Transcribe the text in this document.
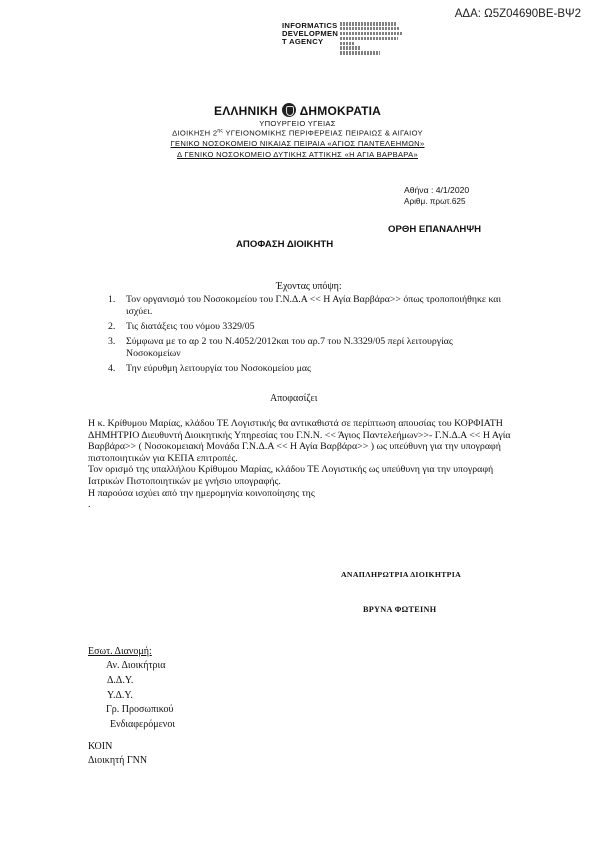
ΑΔΑ: Ω5Ζ04690ΒΕ-ΒΨ2
INFORMATICS
DEVELOPMEN
T AGENCY
ΕΛΛΗΝΙΚΗ ΔΗΜΟΚΡΑΤΙΑ
ΥΠΟΥΡΓΕΙΟ ΥΓΕΙΑΣ
ΔΙΟΙΚΗΣΗ $2^{\eta\varsigma}$ ΥΓΕΙΟΝΟΜΙΚΗΣ ΠΕΡΙΦΕΡΕΙΑΣ ΠΕΙΡΑΙΩΣ & ΑΙΓΑΙΟΥ
ΓΕΝΙΚΟ ΝΟΣΟΚΟΜΕΙΟ ΝΙΚΑΙΑΣ ΠΕΙΡΑΙΑ «ΑΓΙΟΣ ΠΑΝΤΕΛΕΗΜΩΝ»
Δ ΓΕΝΙΚΟ ΝΟΣΟΚΟΜΕΙΟ ΔΥΤΙΚΗΣ ΑΤΤΙΚΗΣ «Η ΑΓΙΑ ΒΑΡΒΑΡΑ»
Αθήνα : 4/1/2020
Αριθμ. πρωτ.625
ΟΡΘΗ ΕΠΑΝΑΛΗΨΗ
ΑΠΟΦΑΣΗ ΔΙΟΙΚΗΤΗ
Έχοντας υπόψη:
1. Τον οργανισμό του Νοσοκομείου του Γ.Ν.Δ.Α << Η Αγία Βαρβάρα>> όπως τροποποιήθηκε και ισχύει.
2. Τις διατάξεις του νόμου 3329/05
3. Σύμφωνα με το αρ 2 του Ν.4052/2012και του αρ.7 του Ν.3329/05 περί λειτουργίας Νοσοκομείων
4. Την εύρυθμη λειτουργία του Νοσοκομείου μας
Αποφασίζει

Η κ. Κρίθυμου Μαρίας, κλάδου ΤΕ Λογιστικής θα αντικαθιστά σε περίπτωση απουσίας του ΚΟΡΦΙΑΤΗ ΔΗΜΗΤΡΙΟ Διευθυντή Διοικητικής Υπηρεσίας του Γ.Ν.Ν. << Άγιος Παντελεήμων>>- Γ.Ν.Δ.Α << Η Αγία Βαρβάρα>> ( Νοσοκομειακή Μονάδα Γ.Ν.Δ.Α << Η Αγία Βαρβάρα>> ) ως υπεύθυνη για την υπογραφή πιστοποιητικών για ΚΕΠΑ επιτροπές.

Τον ορισμό της υπαλλήλου Κρίθυμου Μαρίας, κλάδου ΤΕ Λογιστικής ως υπεύθυνη για την υπογραφή Ιατρικών Πιστοποιητικών με γνήσιο υπογραφής.

Η παρούσα ισχύει από την ημερομηνία κοινοποίησης της

.

ΑΝΑΠΛΗΡΩΤΡΙΑ ΔΙΟΙΚΗΤΡΙΑ
ΒΡΥΝΑ ΦΩΤΕΙΝΗ
Εσωτ. Διανομή:
Αν. Διοικήτρια
Δ.Δ.Υ.
Υ.Δ.Υ.
Γρ. Προσωπικού
Ενδιαφερόμενοι
ΚΟΙΝ
Διοικητή ΓΝΝ
